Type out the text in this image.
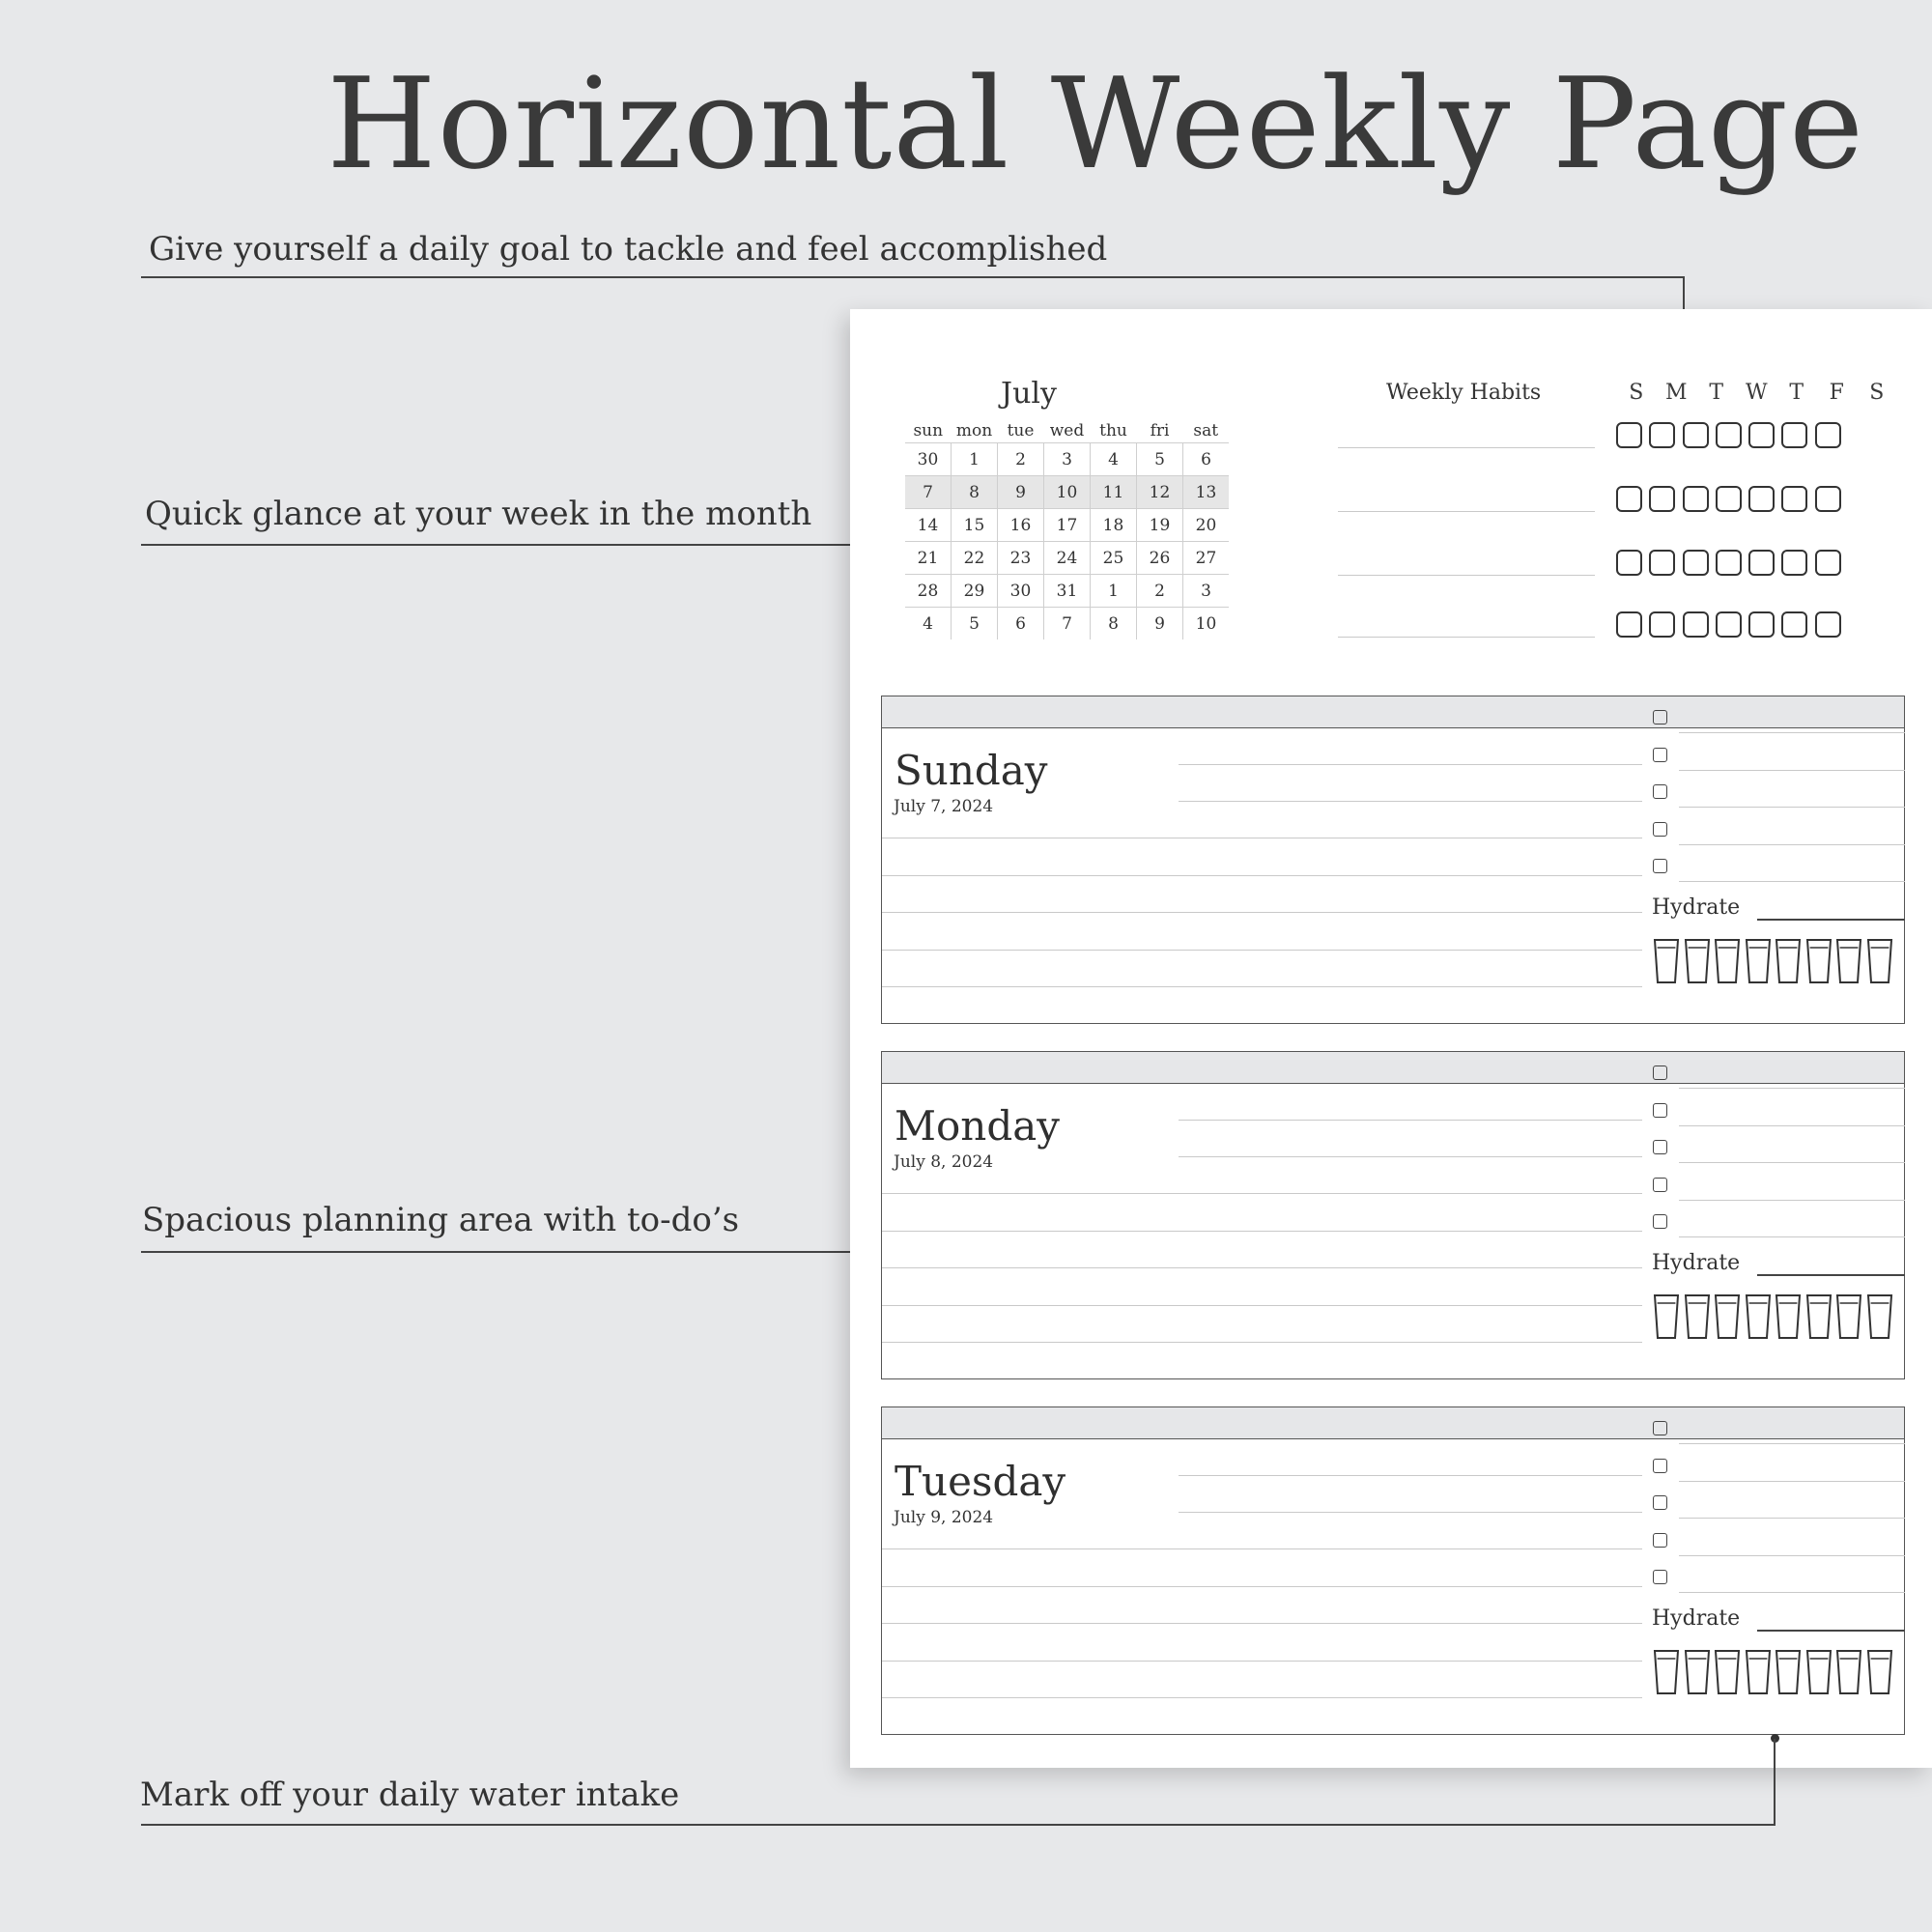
Horizontal Weekly Page
Give yourself a daily goal to tackle and feel accomplished
Quick glance at your week in the month
Spacious planning area with to-do’s
July
sun	mon	tue	wed	thu	fri	sat
30	1	2	3	4	5	6
7	8	9	10	11	12	13
14	15	16	17	18	19	20
21	22	23	24	25	26	27
28	29	30	31	1	2	3
4	5	6	7	8	9	10
Weekly Habits	S	M	T	W	T	F	S
Sunday
July 7, 2024
Hydrate
Monday
July 8, 2024
Hydrate
Tuesday
July 9, 2024
Hydrate
Mark off your daily water intake
